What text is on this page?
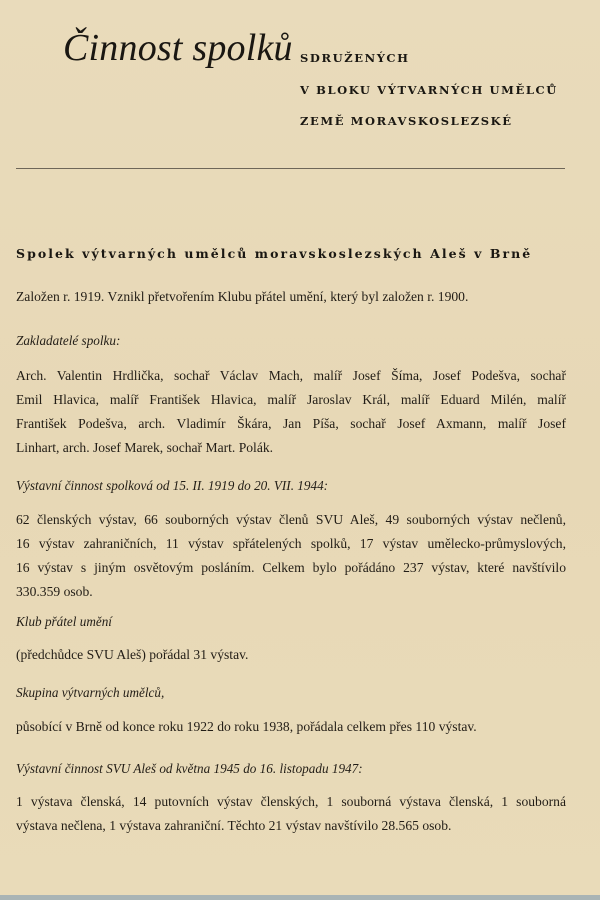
Činnost spolků SDRUŽENÝCH
V BLOKU VÝTVARNÝCH UMĚLCŮ
ZEMĚ MORAVSKOSLEZSKÉ
Spolek výtvarných umělců moravskoslezských Aleš v Brně
Založen r. 1919. Vznikl přetvořením Klubu přátel umění, který byl založen r. 1900.
Zakladatelé spolku:
Arch. Valentin Hrdlička, sochař Václav Mach, malíř Josef Šíma, Josef Podešva, sochař
Emil Hlavica, malíř František Hlavica, malíř Jaroslav Král, malíř Eduard Milén, malíř
František Podešva, arch. Vladimír Škára, Jan Píša, sochař Josef Axmann, malíř Josef
Linhart, arch. Josef Marek, sochař Mart. Polák.
Výstavní činnost spolková od 15. II. 1919 do 20. VII. 1944:
62 členských výstav, 66 souborných výstav členů SVU Aleš, 49 souborných výstav nečlenů,
16 výstav zahraničních, 11 výstav spřátelených spolků, 17 výstav umělecko-průmyslových,
16 výstav s jiným osvětovým posláním. Celkem bylo pořádáno 237 výstav, které navštívilo
330.359 osob.
Klub přátel umění
(předchůdce SVU Aleš) pořádal 31 výstav.
Skupina výtvarných umělců,
působící v Brně od konce roku 1922 do roku 1938, pořádala celkem přes 110 výstav.
Výstavní činnost SVU Aleš od května 1945 do 16. listopadu 1947:
1 výstava členská, 14 putovních výstav členských, 1 souborná výstava členská, 1 souborná
výstava nečlena, 1 výstava zahraniční. Těchto 21 výstav navštívilo 28.565 osob.
